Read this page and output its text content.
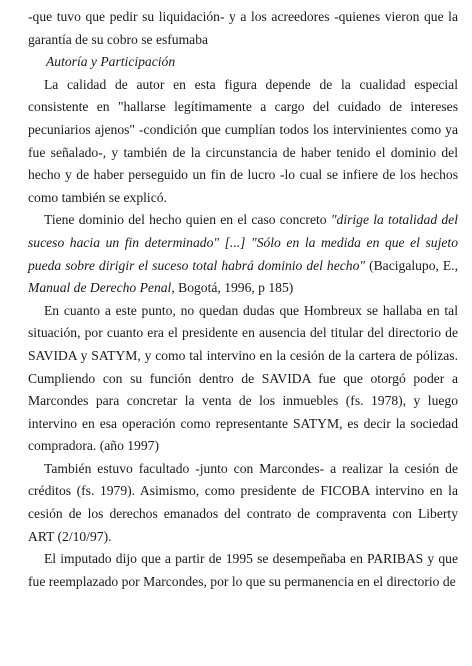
-que tuvo que pedir su liquidación- y a los acreedores -quienes vieron que la garantía de su cobro se esfumaba

Autoría y Participación

La calidad de autor en esta figura depende de la cualidad especial consistente en "hallarse legítimamente a cargo del cuidado de intereses pecuniarios ajenos" -condición que cumplían todos los intervinientes como ya fue señalado-, y también de la circunstancia de haber tenido el dominio del hecho y de haber perseguido un fin de lucro -lo cual se infiere de los hechos como también se explicó.

Tiene dominio del hecho quien en el caso concreto "dirige la totalidad del suceso hacia un fin determinado" [...] "Sólo en la medida en que el sujeto pueda sobre dirigir el suceso total habrá dominio del hecho" (Bacigalupo, E., Manual de Derecho Penal, Bogotá, 1996, p 185)

En cuanto a este punto, no quedan dudas que Hombreux se hallaba en tal situación, por cuanto era el presidente en ausencia del titular del directorio de SAVIDA y SATYM, y como tal intervino en la cesión de la cartera de pólizas. Cumpliendo con su función dentro de SAVIDA fue que otorgó poder a Marcondes para concretar la venta de los inmuebles (fs. 1978), y luego intervino en esa operación como representante SATYM, es decir la sociedad compradora. (año 1997)

También estuvo facultado -junto con Marcondes- a realizar la cesión de créditos (fs. 1979). Asimismo, como presidente de FICOBA intervino en la cesión de los derechos emanados del contrato de compraventa con Liberty ART (2/10/97).

El imputado dijo que a partir de 1995 se desempeñaba en PARIBAS y que fue reemplazado por Marcondes, por lo que su permanencia en el directorio de
